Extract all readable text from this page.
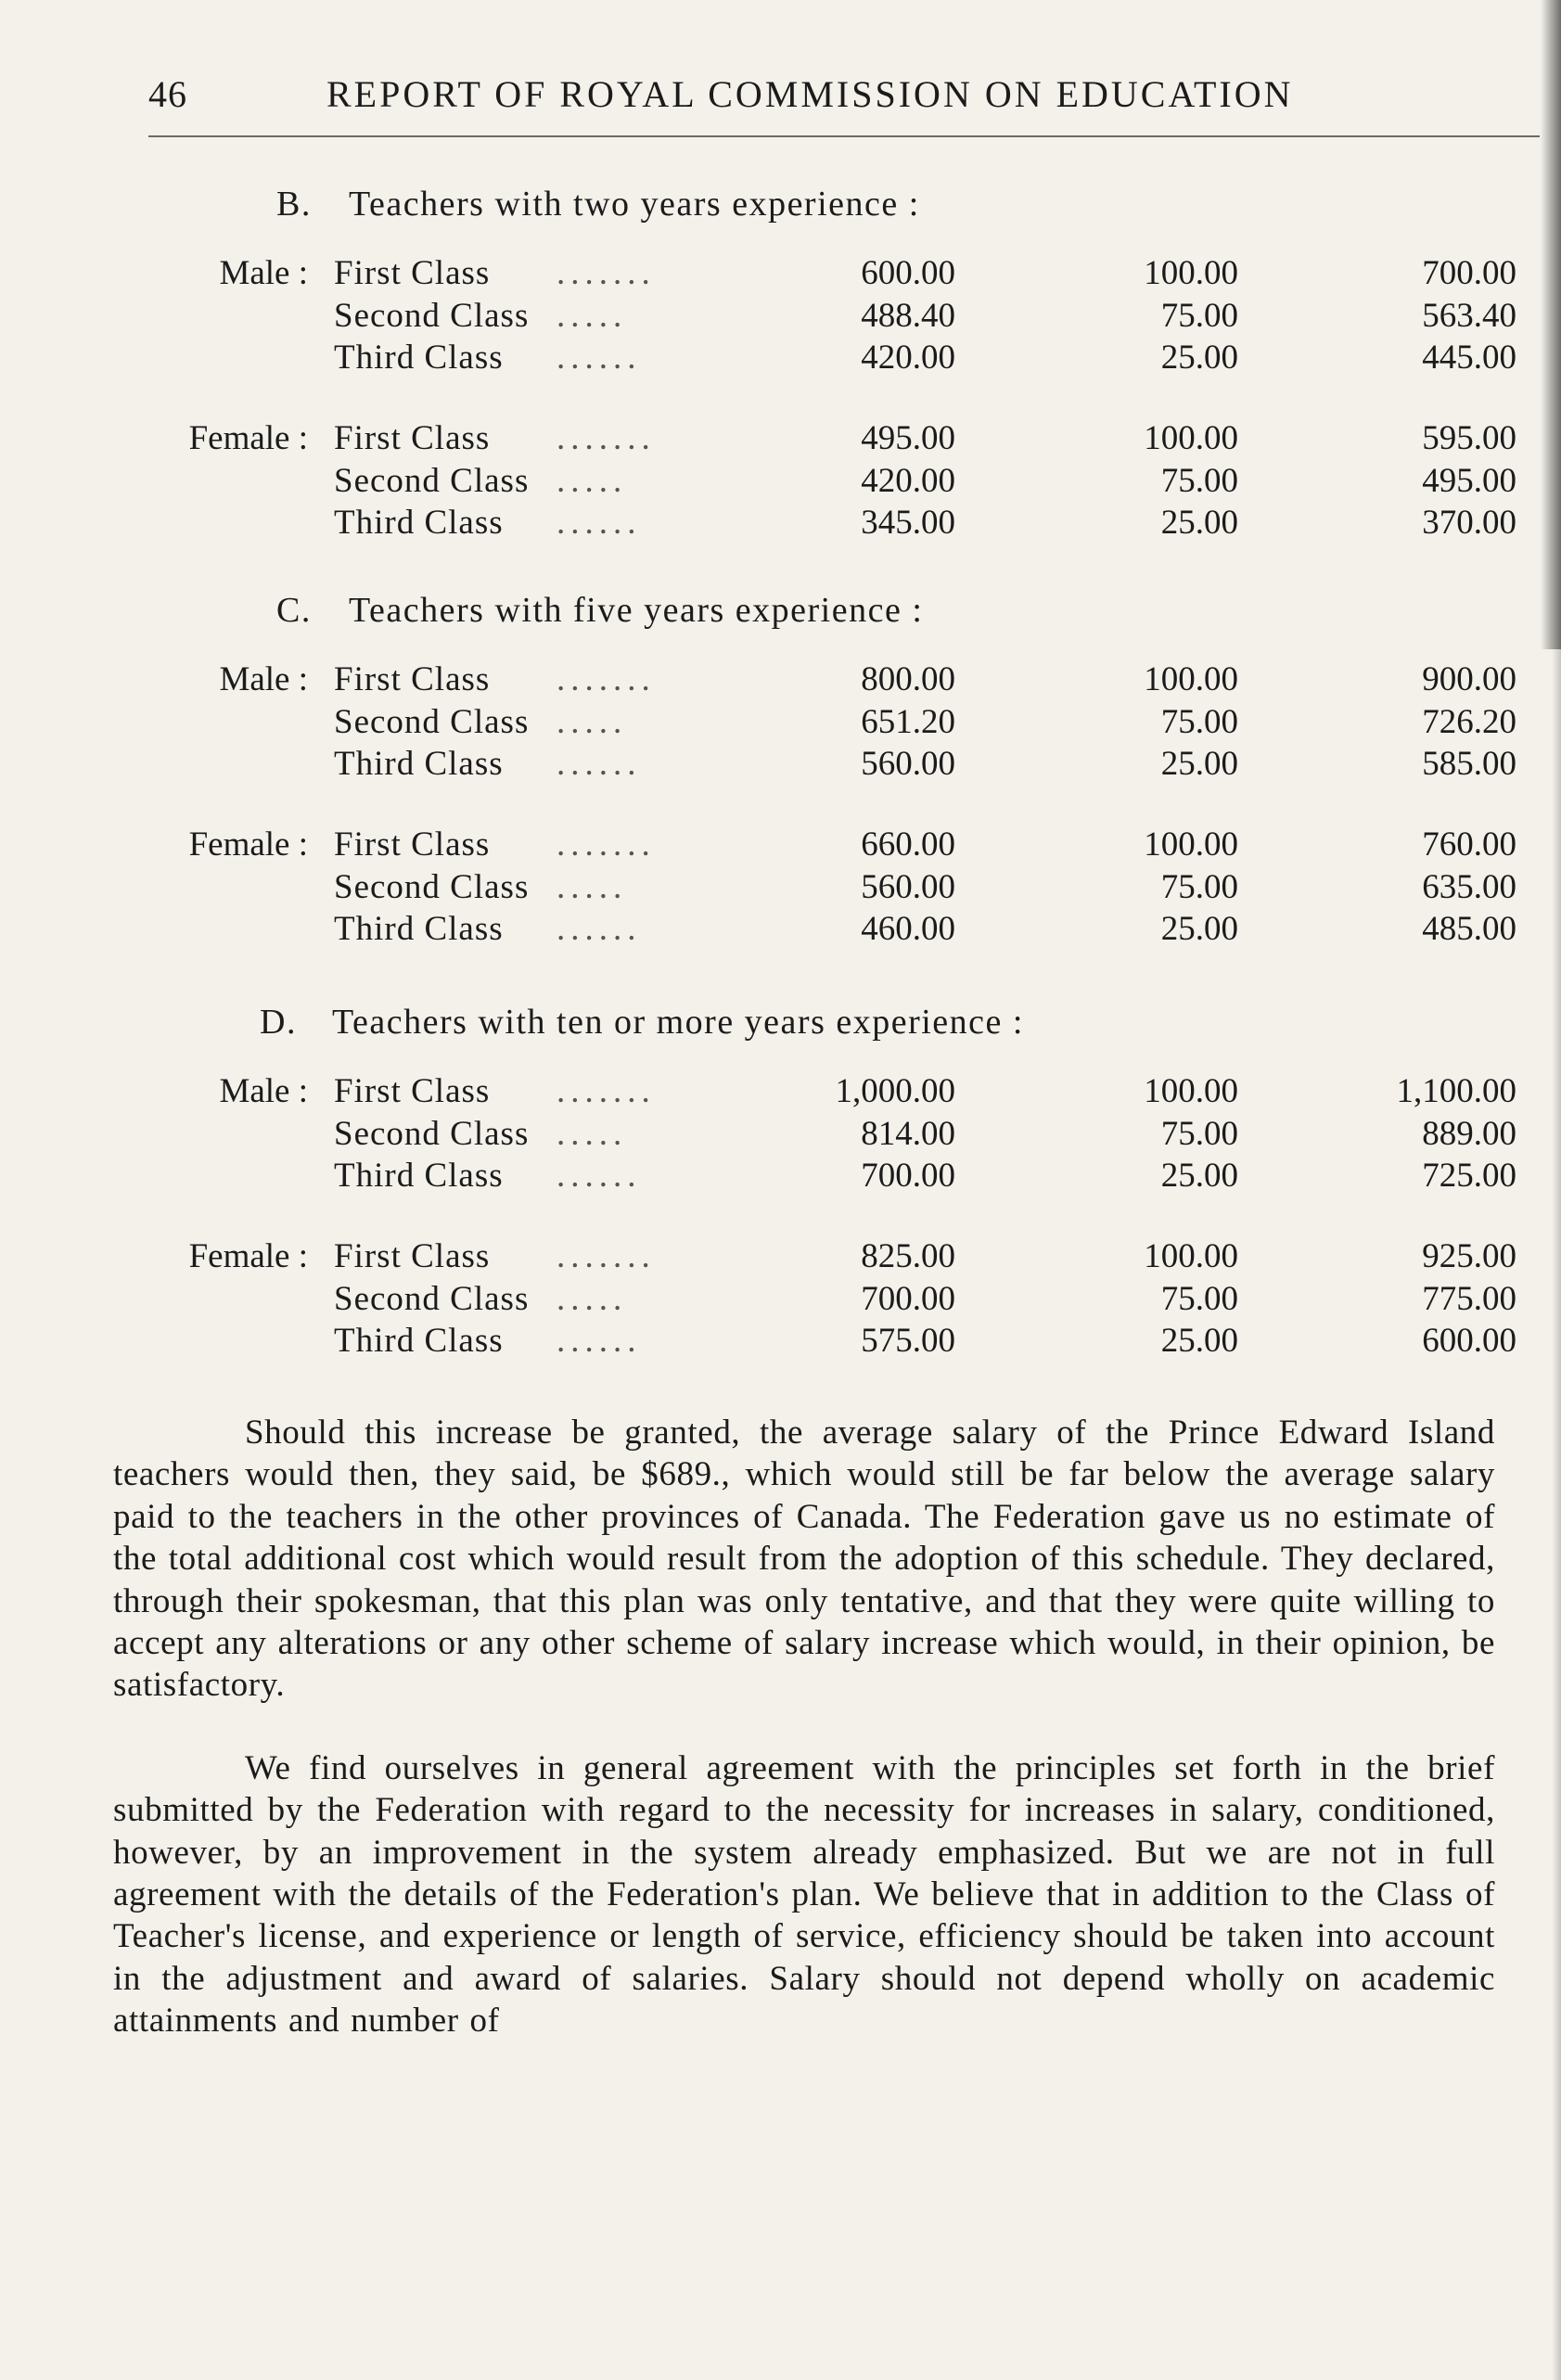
46	REPORT OF ROYAL COMMISSION ON EDUCATION
B. Teachers with two years experience :
Male : First Class .......	600.00	100.00	700.00
Second Class .....	488.40	75.00	563.40
Third Class ......	420.00	25.00	445.00
Female : First Class .......	495.00	100.00	595.00
Second Class .....	420.00	75.00	495.00
Third Class ......	345.00	25.00	370.00
C. Teachers with five years experience :
Male : First Class .......	800.00	100.00	900.00
Second Class .....	651.20	75.00	726.20
Third Class ......	560.00	25.00	585.00
Female : First Class .......	660.00	100.00	760.00
Second Class .....	560.00	75.00	635.00
Third Class ......	460.00	25.00	485.00
D. Teachers with ten or more years experience :
Male : First Class .......	1,000.00	100.00	1,100.00
Second Class .....	814.00	75.00	889.00
Third Class ......	700.00	25.00	725.00
Female : First Class .......	825.00	100.00	925.00
Second Class .....	700.00	75.00	775.00
Third Class ......	575.00	25.00	600.00

Should this increase be granted, the average salary of the Prince Edward Island teachers would then, they said, be $689., which would still be far below the average salary paid to the teachers in the other provinces of Canada. The Federation gave us no estimate of the total additional cost which would result from the adoption of this schedule. They declared, through their spokesman, that this plan was only tentative, and that they were quite willing to accept any alterations or any other scheme of salary increase which would, in their opinion, be satisfactory.

We find ourselves in general agreement with the principles set forth in the brief submitted by the Federation with regard to the necessity for increases in salary, conditioned, however, by an improvement in the system already emphasized. But we are not in full agreement with the details of the Federation's plan. We believe that in addition to the Class of Teacher's license, and experience or length of service, efficiency should be taken into account in the adjustment and award of salaries. Salary should not depend wholly on academic attainments and number of
